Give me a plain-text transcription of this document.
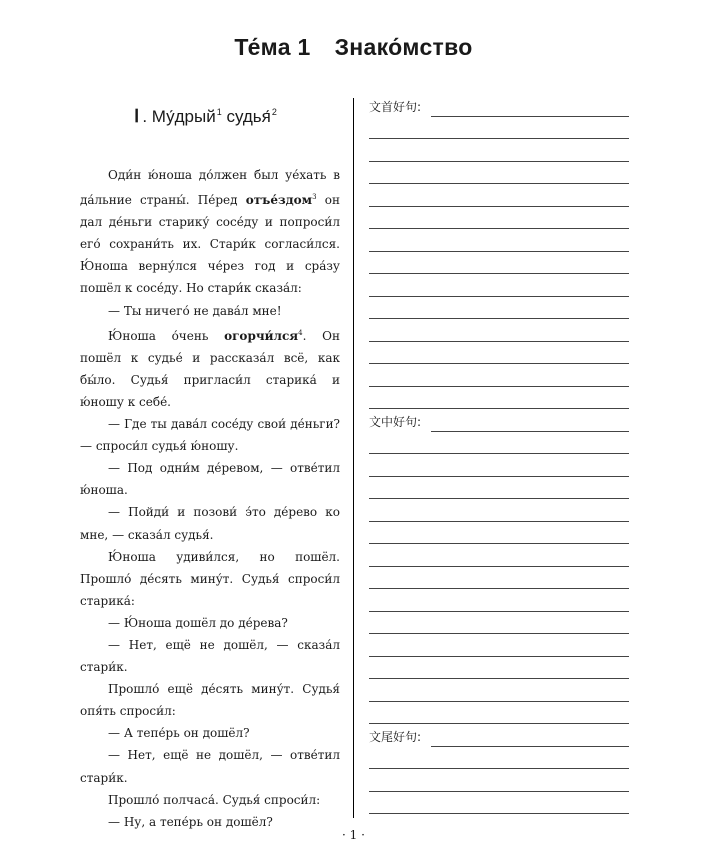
Те́ма 1 Знако́мство
Ⅰ . Му́дрый$^1$ судья́$^2$
Оди́н ю́ноша до́лжен был уе́хать в да́льние страны́. Пе́ред отъе́здом$^3$ он дал де́ньги старику́ сосе́ду и попроси́л его́ сохрани́ть их. Стари́к согласи́лся. Ю́ноша верну́лся че́рез год и сра́зу пошёл к сосе́ду. Но стари́к сказа́л:
— Ты ничего́ не дава́л мне!
Ю́ноша о́чень огорчи́лся$^4$. Он пошёл к судье́ и рассказа́л всё, как бы́ло. Судья́ пригласи́л старика́ и ю́ношу к себе́.
— Где ты дава́л сосе́ду свои́ де́ньги? — спроси́л судья́ ю́ношу.
— Под одни́м де́ревом, — отве́тил ю́ноша.
— Пойди́ и позови́ э́то де́рево ко мне, — сказа́л судья́.
Ю́ноша удиви́лся, но пошёл. Прошло́ де́сять мину́т. Судья́ спроси́л старика́:
— Ю́ноша дошёл до де́рева?
— Нет, ещё не дошёл, — сказа́л стари́к.
Прошло́ ещё де́сять мину́т. Судья́ опя́ть спроси́л:
— А тепе́рь он дошёл?
— Нет, ещё не дошёл, — отве́тил стари́к.
Прошло́ полчаса́. Судья́ спроси́л:
— Ну, а тепе́рь он дошёл?
文首好句:
文中好句:
文尾好句:
· 1 ·
